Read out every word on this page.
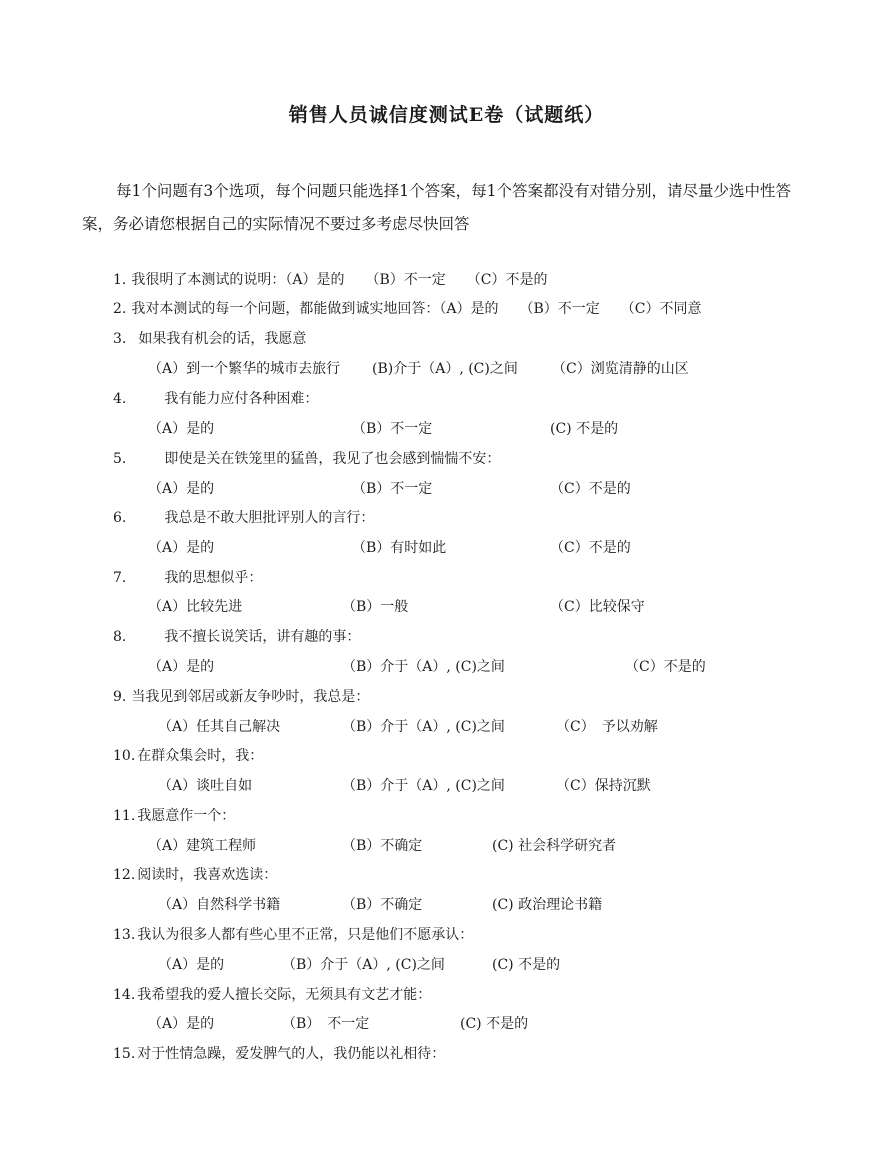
销售人员诚信度测试E卷（试题纸）
每1个问题有3个选项，每个问题只能选择1个答案，每1个答案都没有对错分别，请尽量少选中性答案，务必请您根据自己的实际情况不要过多考虑尽快回答
1. 我很明了本测试的说明：（A）是的　　（B）不一定　　（C）不是的
2. 我对本测试的每一个问题，都能做到诚实地回答：（A）是的　　（B）不一定　　（C）不同意
3. 如果我有机会的话，我愿意
（A）到一个繁华的城市去旅行 (B)介于（A）, (C)之间 （C）浏览清静的山区
4.	我有能力应付各种困难：
（A）是的	（B）不一定	(C) 不是的
5.	即使是关在铁笼里的猛兽，我见了也会感到惴惴不安：
（A）是的	（B）不一定	（C）不是的
6.	我总是不敢大胆批评别人的言行：
（A）是的	（B）有时如此	（C）不是的
7.	我的思想似乎：
（A）比较先进	（B）一般	（C）比较保守
8.	我不擅长说笑话，讲有趣的事：
（A）是的	（B）介于（A）, (C)之间	（C）不是的
9. 当我见到邻居或新友争吵时，我总是：
（A）任其自己解决	（B）介于（A）, (C)之间	（C）　予以劝解
10. 在群众集会时，我：
（A）谈吐自如	（B）介于（A）, (C)之间	（C）保持沉默
11. 我愿意作一个：
（A）建筑工程师	（B）不确定	(C) 社会科学研究者
12. 阅读时，我喜欢选读：
（A）自然科学书籍	（B）不确定	(C) 政治理论书籍
13. 我认为很多人都有些心里不正常，只是他们不愿承认：
（A）是的	（B）介于（A）, (C)之间	(C) 不是的
14. 我希望我的爱人擅长交际，无须具有文艺才能：
（A）是的	（B）　不一定	(C) 不是的
15. 对于性情急躁，爱发脾气的人，我仍能以礼相待：
